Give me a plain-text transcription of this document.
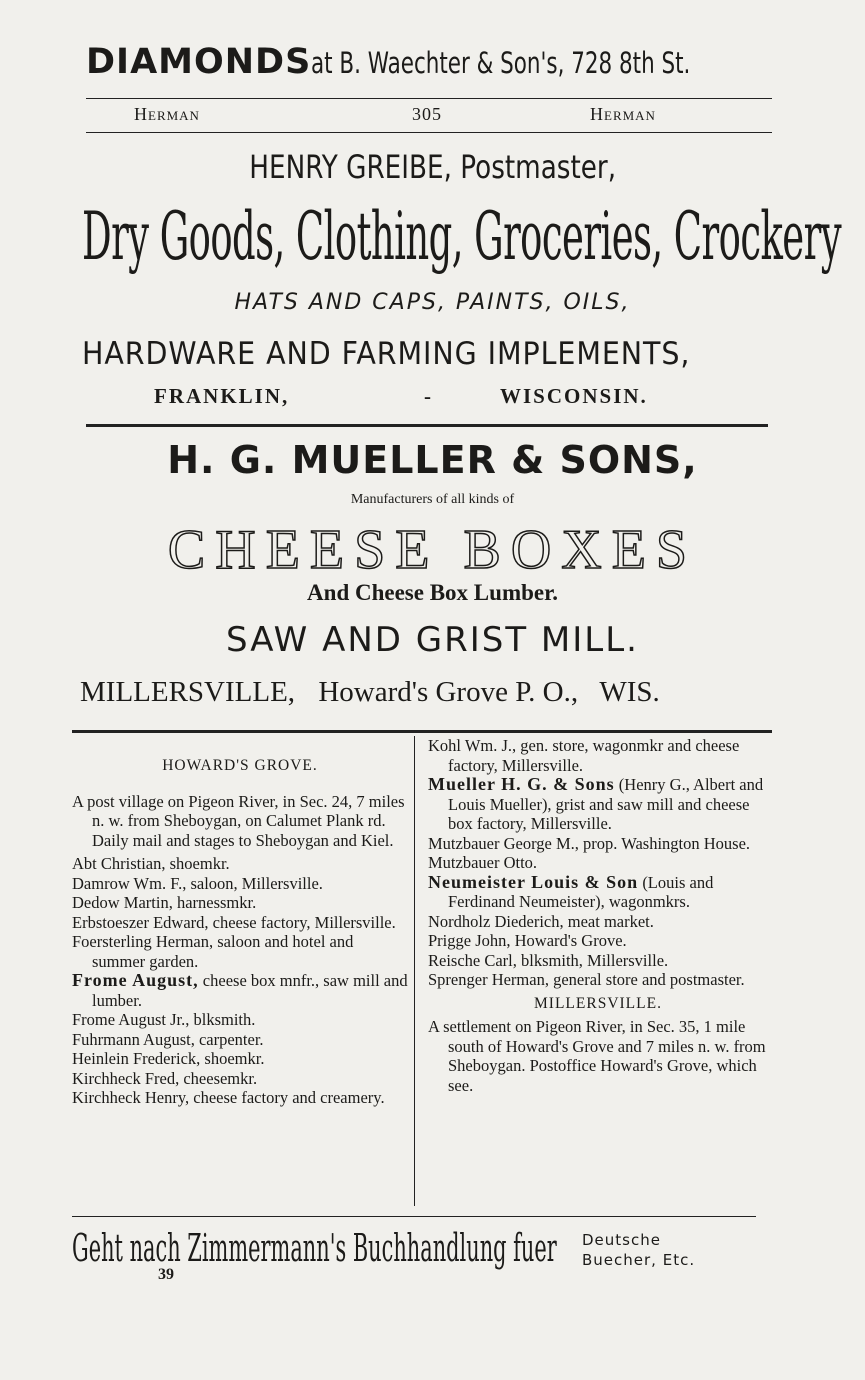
DIAMONDSat B. Waechter & Son's, 728 8th St.
Herman	305	Herman
HENRY GREIBE, Postmaster,
Dry Goods, Clothing, Groceries, Crockery
HATS AND CAPS, PAINTS, OILS,
HARDWARE AND FARMING IMPLEMENTS,
FRANKLIN,	-	WISCONSIN.
H. G. MUELLER & SONS,
Manufacturers of all kinds of
CHEESE BOXES
And Cheese Box Lumber.
SAW AND GRIST MILL.
MILLERSVILLE, Howard's Grove P. O., WIS.

HOWARD'S GROVE.

A post village on Pigeon River, in Sec. 24, 7 miles n. w. from Sheboygan, on Calumet Plank rd. Daily mail and stages to Sheboygan and Kiel.

Abt Christian, shoemkr.

Damrow Wm. F., saloon, Millersville.

Dedow Martin, harnessmkr.

Erbstoeszer Edward, cheese factory, Millersville.

Foersterling Herman, saloon and hotel and summer garden.

Frome August, cheese box mnfr., saw mill and lumber.

Frome August Jr., blksmith.

Fuhrmann August, carpenter.

Heinlein Frederick, shoemkr.

Kirchheck Fred, cheesemkr.

Kirchheck Henry, cheese factory and creamery.

Kohl Wm. J., gen. store, wagonmkr and cheese factory, Millersville.

Mueller H. G. & Sons (Henry G., Albert and Louis Mueller), grist and saw mill and cheese box factory, Millersville.

Mutzbauer George M., prop. Washington House.

Mutzbauer Otto.

Neumeister Louis & Son (Louis and Ferdinand Neumeister), wagonmkrs.

Nordholz Diederich, meat market.

Prigge John, Howard's Grove.

Reische Carl, blksmith, Millersville.

Sprenger Herman, general store and postmaster.

MILLERSVILLE.

A settlement on Pigeon River, in Sec. 35, 1 mile south of Howard's Grove and 7 miles n. w. from Sheboygan. Postoffice Howard's Grove, which see.

Geht nach Zimmermann's Buchhandlung fuer Deutsche
Buecher, Etc.
39
